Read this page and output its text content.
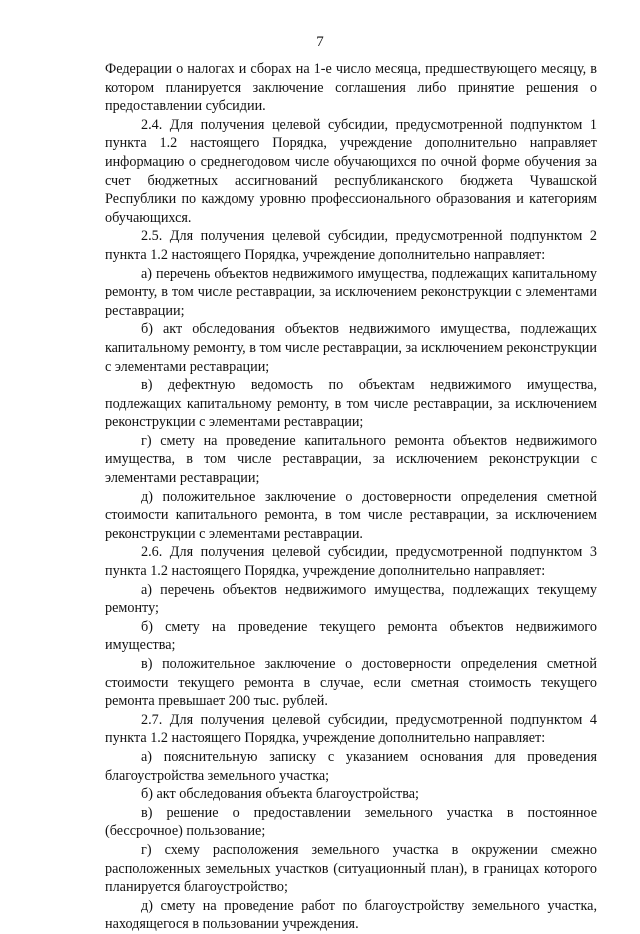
7

Федерации о налогах и сборах на 1-е число месяца, предшествующего месяцу, в котором планируется заключение соглашения либо принятие решения о предоставлении субсидии.

2.4. Для получения целевой субсидии, предусмотренной подпунктом 1 пункта 1.2 настоящего Порядка, учреждение дополнительно направляет информацию о среднегодовом числе обучающихся по очной форме обучения за счет бюджетных ассигнований республиканского бюджета Чувашской Республики по каждому уровню профессионального образования и категориям обучающихся.

2.5. Для получения целевой субсидии, предусмотренной подпунктом 2 пункта 1.2 настоящего Порядка, учреждение дополнительно направляет:

а) перечень объектов недвижимого имущества, подлежащих капитальному ремонту, в том числе реставрации, за исключением реконструкции с элементами реставрации;

б) акт обследования объектов недвижимого имущества, подлежащих капитальному ремонту, в том числе реставрации, за исключением реконструкции с элементами реставрации;

в) дефектную ведомость по объектам недвижимого имущества, подлежащих капитальному ремонту, в том числе реставрации, за исключением реконструкции с элементами реставрации;

г) смету на проведение капитального ремонта объектов недвижимого имущества, в том числе реставрации, за исключением реконструкции с элементами реставрации;

д) положительное заключение о достоверности определения сметной стоимости капитального ремонта, в том числе реставрации, за исключением реконструкции с элементами реставрации.

2.6. Для получения целевой субсидии, предусмотренной подпунктом 3 пункта 1.2 настоящего Порядка, учреждение дополнительно направляет:

а) перечень объектов недвижимого имущества, подлежащих текущему ремонту;

б) смету на проведение текущего ремонта объектов недвижимого имущества;

в) положительное заключение о достоверности определения сметной стоимости текущего ремонта в случае, если сметная стоимость текущего ремонта превышает 200 тыс. рублей.

2.7. Для получения целевой субсидии, предусмотренной подпунктом 4 пункта 1.2 настоящего Порядка, учреждение дополнительно направляет:

а) пояснительную записку с указанием основания для проведения благоустройства земельного участка;

б) акт обследования объекта благоустройства;

в) решение о предоставлении земельного участка в постоянное (бессрочное) пользование;

г) схему расположения земельного участка в окружении смежно расположенных земельных участков (ситуационный план), в границах которого планируется благоустройство;

д) смету на проведение работ по благоустройству земельного участка, находящегося в пользовании учреждения.
